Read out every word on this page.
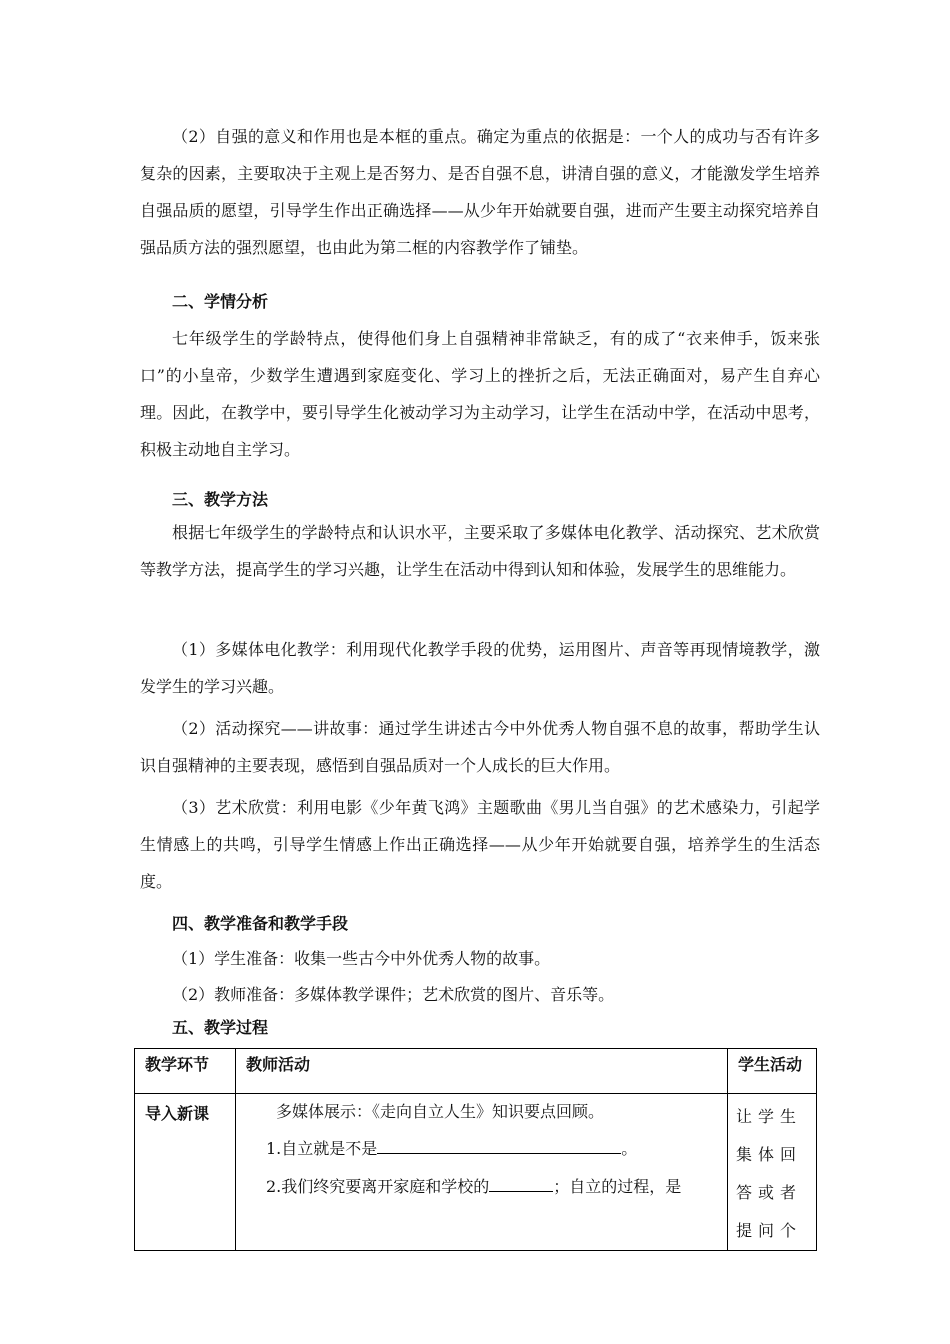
（2）自强的意义和作用也是本框的重点。确定为重点的依据是：一个人的成功与否有许多复杂的因素，主要取决于主观上是否努力、是否自强不息，讲清自强的意义，才能激发学生培养自强品质的愿望，引导学生作出正确选择——从少年开始就要自强，进而产生要主动探究培养自强品质方法的强烈愿望，也由此为第二框的内容教学作了铺垫。

二、学情分析

七年级学生的学龄特点，使得他们身上自强精神非常缺乏，有的成了“衣来伸手，饭来张口”的小皇帝，少数学生遭遇到家庭变化、学习上的挫折之后，无法正确面对，易产生自弃心理。因此，在教学中，要引导学生化被动学习为主动学习，让学生在活动中学，在活动中思考，积极主动地自主学习。

三、教学方法

根据七年级学生的学龄特点和认识水平，主要采取了多媒体电化教学、活动探究、艺术欣赏等教学方法，提高学生的学习兴趣，让学生在活动中得到认知和体验，发展学生的思维能力。

（1）多媒体电化教学：利用现代化教学手段的优势，运用图片、声音等再现情境教学，激发学生的学习兴趣。

（2）活动探究——讲故事：通过学生讲述古今中外优秀人物自强不息的故事，帮助学生认识自强精神的主要表现，感悟到自强品质对一个人成长的巨大作用。

（3）艺术欣赏：利用电影《少年黄飞鸿》主题歌曲《男儿当自强》的艺术感染力，引起学生情感上的共鸣，引导学生情感上作出正确选择——从少年开始就要自强，培养学生的生活态度。

四、教学准备和教学手段

（1）学生准备：收集一些古今中外优秀人物的故事。

（2）教师准备：多媒体教学课件；艺术欣赏的图片、音乐等。

五、教学过程

教学环节	教师活动	学生活动
导入新课	多媒体展示：《走向自立人生》知识要点回顾。
1.自立就是不是 。
2.我们终究要离开家庭和学校的 ；自立的过程，是	让学生集体回答或者提问个
